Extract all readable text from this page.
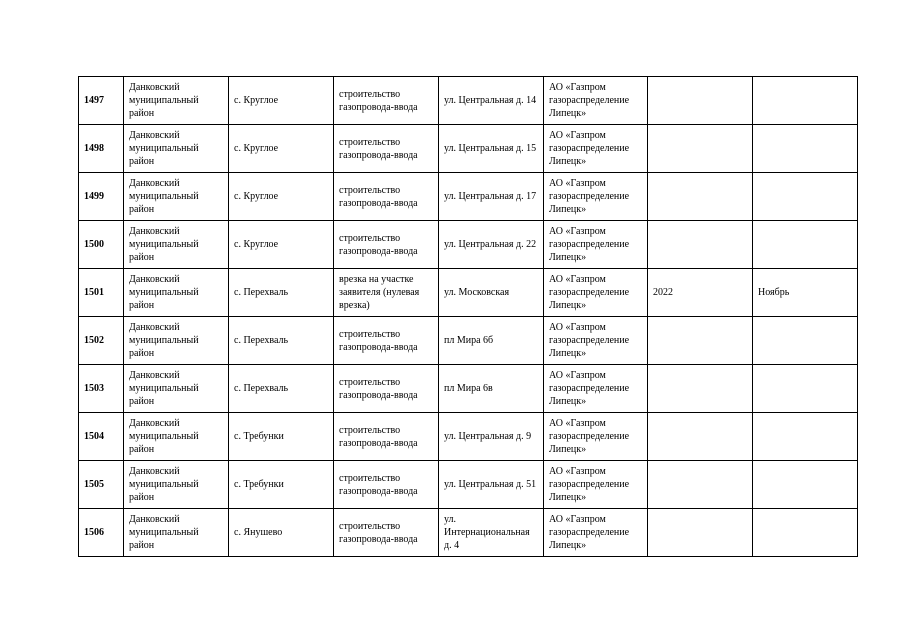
1497	Данковский муниципальный район	с. Круглое	строительство газопровода-ввода	ул. Центральная д. 14	АО «Газпром газораспределение Липецк»		
1498	Данковский муниципальный район	с. Круглое	строительство газопровода-ввода	ул. Центральная д. 15	АО «Газпром газораспределение Липецк»		
1499	Данковский муниципальный район	с. Круглое	строительство газопровода-ввода	ул. Центральная д. 17	АО «Газпром газораспределение Липецк»		
1500	Данковский муниципальный район	с. Круглое	строительство газопровода-ввода	ул. Центральная д. 22	АО «Газпром газораспределение Липецк»		
1501	Данковский муниципальный район	с. Перехваль	врезка на участке заявителя (нулевая врезка)	ул. Московская	АО «Газпром газораспределение Липецк»	2022	Ноябрь
1502	Данковский муниципальный район	с. Перехваль	строительство газопровода-ввода	пл Мира 6б	АО «Газпром газораспределение Липецк»		
1503	Данковский муниципальный район	с. Перехваль	строительство газопровода-ввода	пл Мира 6в	АО «Газпром газораспределение Липецк»		
1504	Данковский муниципальный район	с. Требунки	строительство газопровода-ввода	ул. Центральная д. 9	АО «Газпром газораспределение Липецк»		
1505	Данковский муниципальный район	с. Требунки	строительство газопровода-ввода	ул. Центральная д. 51	АО «Газпром газораспределение Липецк»		
1506	Данковский муниципальный район	с. Янушево	строительство газопровода-ввода	ул. Интернациональная д. 4	АО «Газпром газораспределение Липецк»		
